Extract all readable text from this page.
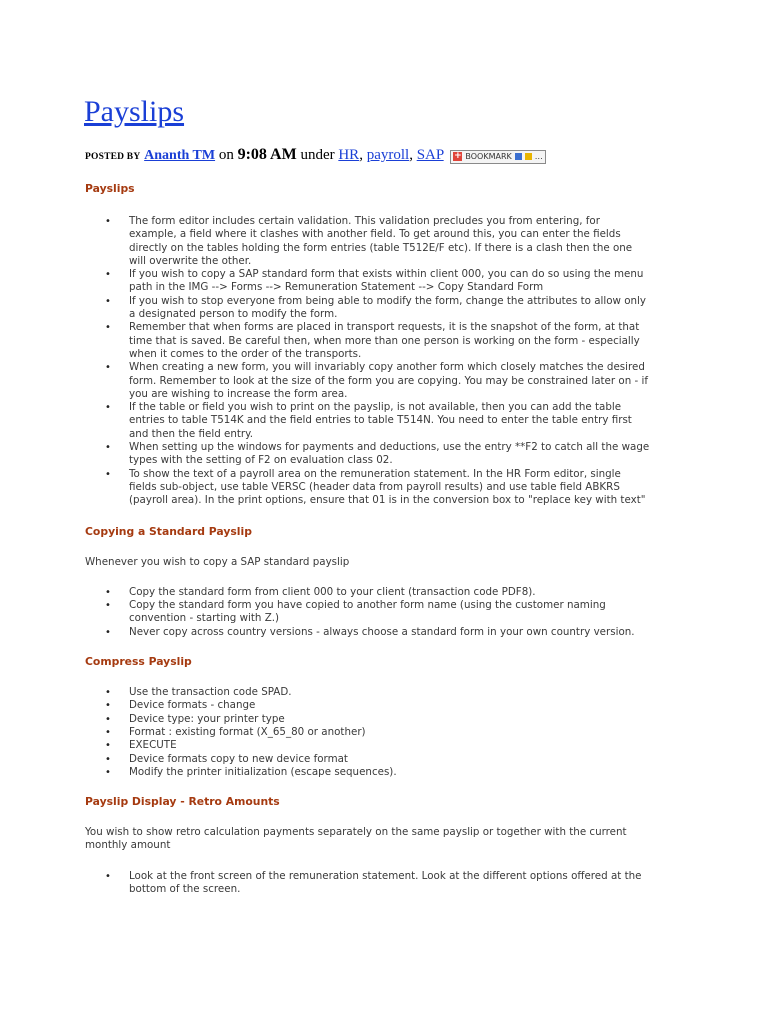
Payslips
POSTED BY Ananth TM on 9:08 AM under HR, payroll, SAP + BOOKMARK	…
Payslips
• The form editor includes certain validation. This validation precludes you from entering, for example, a field where it clashes with another field. To get around this, you can enter the fields directly on the tables holding the form entries (table T512E/F etc). If there is a clash then the one will overwrite the other.
• If you wish to copy a SAP standard form that exists within client 000, you can do so using the menu path in the IMG --> Forms --> Remuneration Statement --> Copy Standard Form
• If you wish to stop everyone from being able to modify the form, change the attributes to allow only a designated person to modify the form.
• Remember that when forms are placed in transport requests, it is the snapshot of the form, at that time that is saved. Be careful then, when more than one person is working on the form - especially when it comes to the order of the transports.
• When creating a new form, you will invariably copy another form which closely matches the desired form. Remember to look at the size of the form you are copying. You may be constrained later on - if you are wishing to increase the form area.
• If the table or field you wish to print on the payslip, is not available, then you can add the table entries to table T514K and the field entries to table T514N. You need to enter the table entry first and then the field entry.
• When setting up the windows for payments and deductions, use the entry **F2 to catch all the wage types with the setting of F2 on evaluation class 02.
• To show the text of a payroll area on the remuneration statement. In the HR Form editor, single fields sub-object, use table VERSC (header data from payroll results) and use table field ABKRS (payroll area). In the print options, ensure that 01 is in the conversion box to "replace key with text"
Copying a Standard Payslip

Whenever you wish to copy a SAP standard payslip

• Copy the standard form from client 000 to your client (transaction code PDF8).
• Copy the standard form you have copied to another form name (using the customer naming convention - starting with Z.)
• Never copy across country versions - always choose a standard form in your own country version.
Compress Payslip
• Use the transaction code SPAD.
• Device formats - change
• Device type: your printer type
• Format : existing format (X_65_80 or another)
• EXECUTE
• Device formats copy to new device format
• Modify the printer initialization (escape sequences).
Payslip Display - Retro Amounts

You wish to show retro calculation payments separately on the same payslip or together with the current monthly amount

• Look at the front screen of the remuneration statement. Look at the different options offered at the bottom of the screen.
